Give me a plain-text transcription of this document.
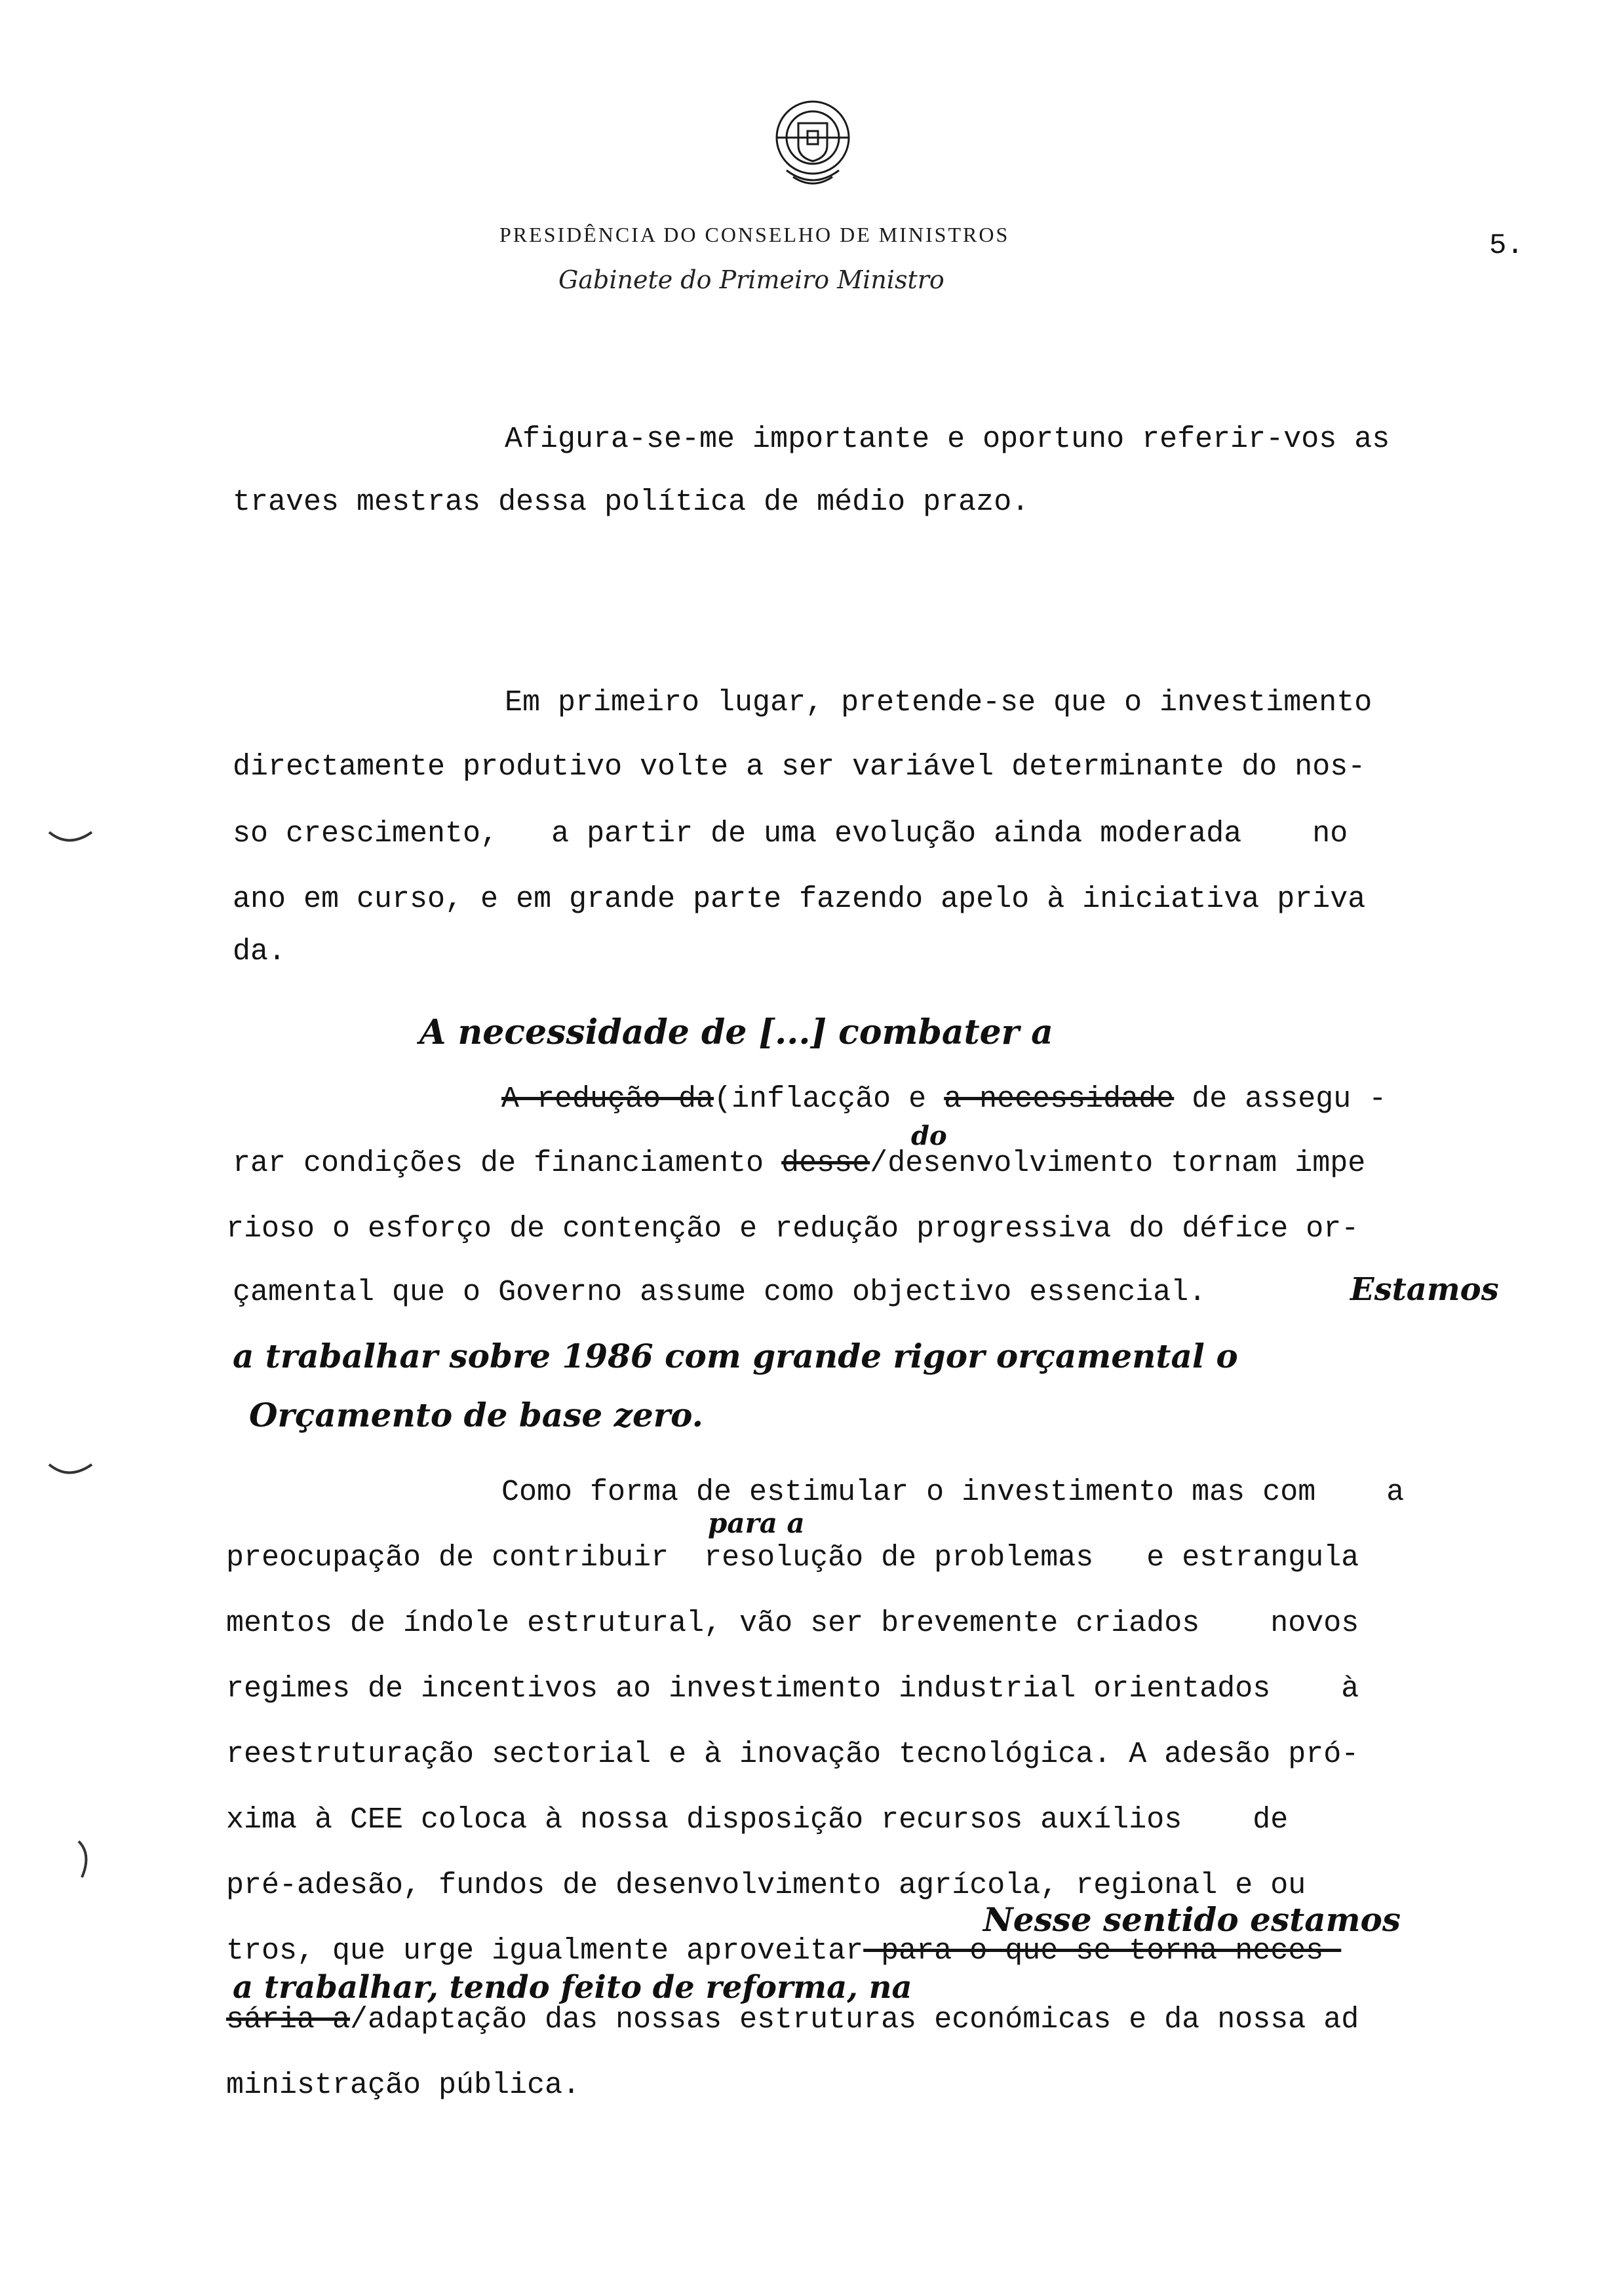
PRESIDÊNCIA DO CONSELHO DE MINISTROS	5.
Gabinete do Primeiro Ministro
Afigura-se-me importante e oportuno referir-vos as
traves mestras dessa política de médio prazo.
Em primeiro lugar, pretende-se que o investimento
directamente produtivo volte a ser variável determinante do nos-
so crescimento,   a partir de uma evolução ainda moderada    no
ano em curso, e em grande parte fazendo apelo à iniciativa priva
da.
A necessidade de [...] combater a
A redução da(inflacção e a necessidade de assegu -
do
rar condições de financiamento desse/desenvolvimento tornam impe
rioso o esforço de contenção e redução progressiva do défice or-
çamental que o Governo assume como objectivo essencial.	Estamos
a trabalhar sobre 1986 com grande rigor orçamental o
Orçamento de base zero.
Como forma de estimular o investimento mas com    a
para a
preocupação de contribuir  resolução de problemas   e estrangula
mentos de índole estrutural, vão ser brevemente criados    novos
regimes de incentivos ao investimento industrial orientados    à
reestruturação sectorial e à inovação tecnológica. A adesão pró-
xima à CEE coloca à nossa disposição recursos auxílios    de
pré-adesão, fundos de desenvolvimento agrícola, regional e ou
Nesse sentido estamos
tros, que urge igualmente aproveitar para o que se torna neces-
a trabalhar, tendo feito de reforma, na
sária a/adaptação das nossas estruturas económicas e da nossa ad
ministração pública.
